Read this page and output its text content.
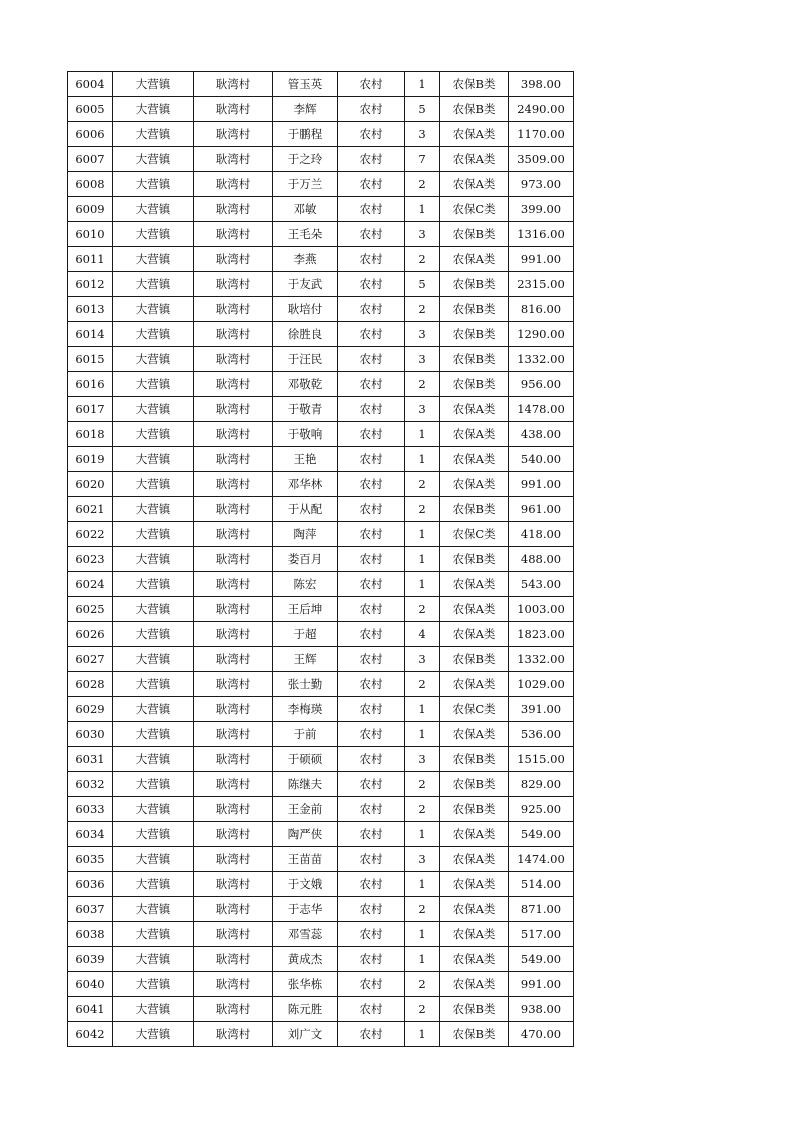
6004	大营镇	耿湾村	管玉英	农村	1	农保B类	398.00
6005	大营镇	耿湾村	李辉	农村	5	农保B类	2490.00
6006	大营镇	耿湾村	于鹏程	农村	3	农保A类	1170.00
6007	大营镇	耿湾村	于之玲	农村	7	农保A类	3509.00
6008	大营镇	耿湾村	于万兰	农村	2	农保A类	973.00
6009	大营镇	耿湾村	邓敏	农村	1	农保C类	399.00
6010	大营镇	耿湾村	王毛朵	农村	3	农保B类	1316.00
6011	大营镇	耿湾村	李燕	农村	2	农保A类	991.00
6012	大营镇	耿湾村	于友武	农村	5	农保B类	2315.00
6013	大营镇	耿湾村	耿培付	农村	2	农保B类	816.00
6014	大营镇	耿湾村	徐胜良	农村	3	农保B类	1290.00
6015	大营镇	耿湾村	于汪民	农村	3	农保B类	1332.00
6016	大营镇	耿湾村	邓敬乾	农村	2	农保B类	956.00
6017	大营镇	耿湾村	于敬青	农村	3	农保A类	1478.00
6018	大营镇	耿湾村	于敬响	农村	1	农保A类	438.00
6019	大营镇	耿湾村	王艳	农村	1	农保A类	540.00
6020	大营镇	耿湾村	邓华林	农村	2	农保A类	991.00
6021	大营镇	耿湾村	于从配	农村	2	农保B类	961.00
6022	大营镇	耿湾村	陶萍	农村	1	农保C类	418.00
6023	大营镇	耿湾村	娄百月	农村	1	农保B类	488.00
6024	大营镇	耿湾村	陈宏	农村	1	农保A类	543.00
6025	大营镇	耿湾村	王后坤	农村	2	农保A类	1003.00
6026	大营镇	耿湾村	于超	农村	4	农保A类	1823.00
6027	大营镇	耿湾村	王辉	农村	3	农保B类	1332.00
6028	大营镇	耿湾村	张士勤	农村	2	农保A类	1029.00
6029	大营镇	耿湾村	李梅瑛	农村	1	农保C类	391.00
6030	大营镇	耿湾村	于前	农村	1	农保A类	536.00
6031	大营镇	耿湾村	于硕硕	农村	3	农保B类	1515.00
6032	大营镇	耿湾村	陈继夫	农村	2	农保B类	829.00
6033	大营镇	耿湾村	王金前	农村	2	农保B类	925.00
6034	大营镇	耿湾村	陶严侠	农村	1	农保A类	549.00
6035	大营镇	耿湾村	王苗苗	农村	3	农保A类	1474.00
6036	大营镇	耿湾村	于文娥	农村	1	农保A类	514.00
6037	大营镇	耿湾村	于志华	农村	2	农保A类	871.00
6038	大营镇	耿湾村	邓雪蕊	农村	1	农保A类	517.00
6039	大营镇	耿湾村	黄成杰	农村	1	农保A类	549.00
6040	大营镇	耿湾村	张华栋	农村	2	农保A类	991.00
6041	大营镇	耿湾村	陈元胜	农村	2	农保B类	938.00
6042	大营镇	耿湾村	刘广文	农村	1	农保B类	470.00
